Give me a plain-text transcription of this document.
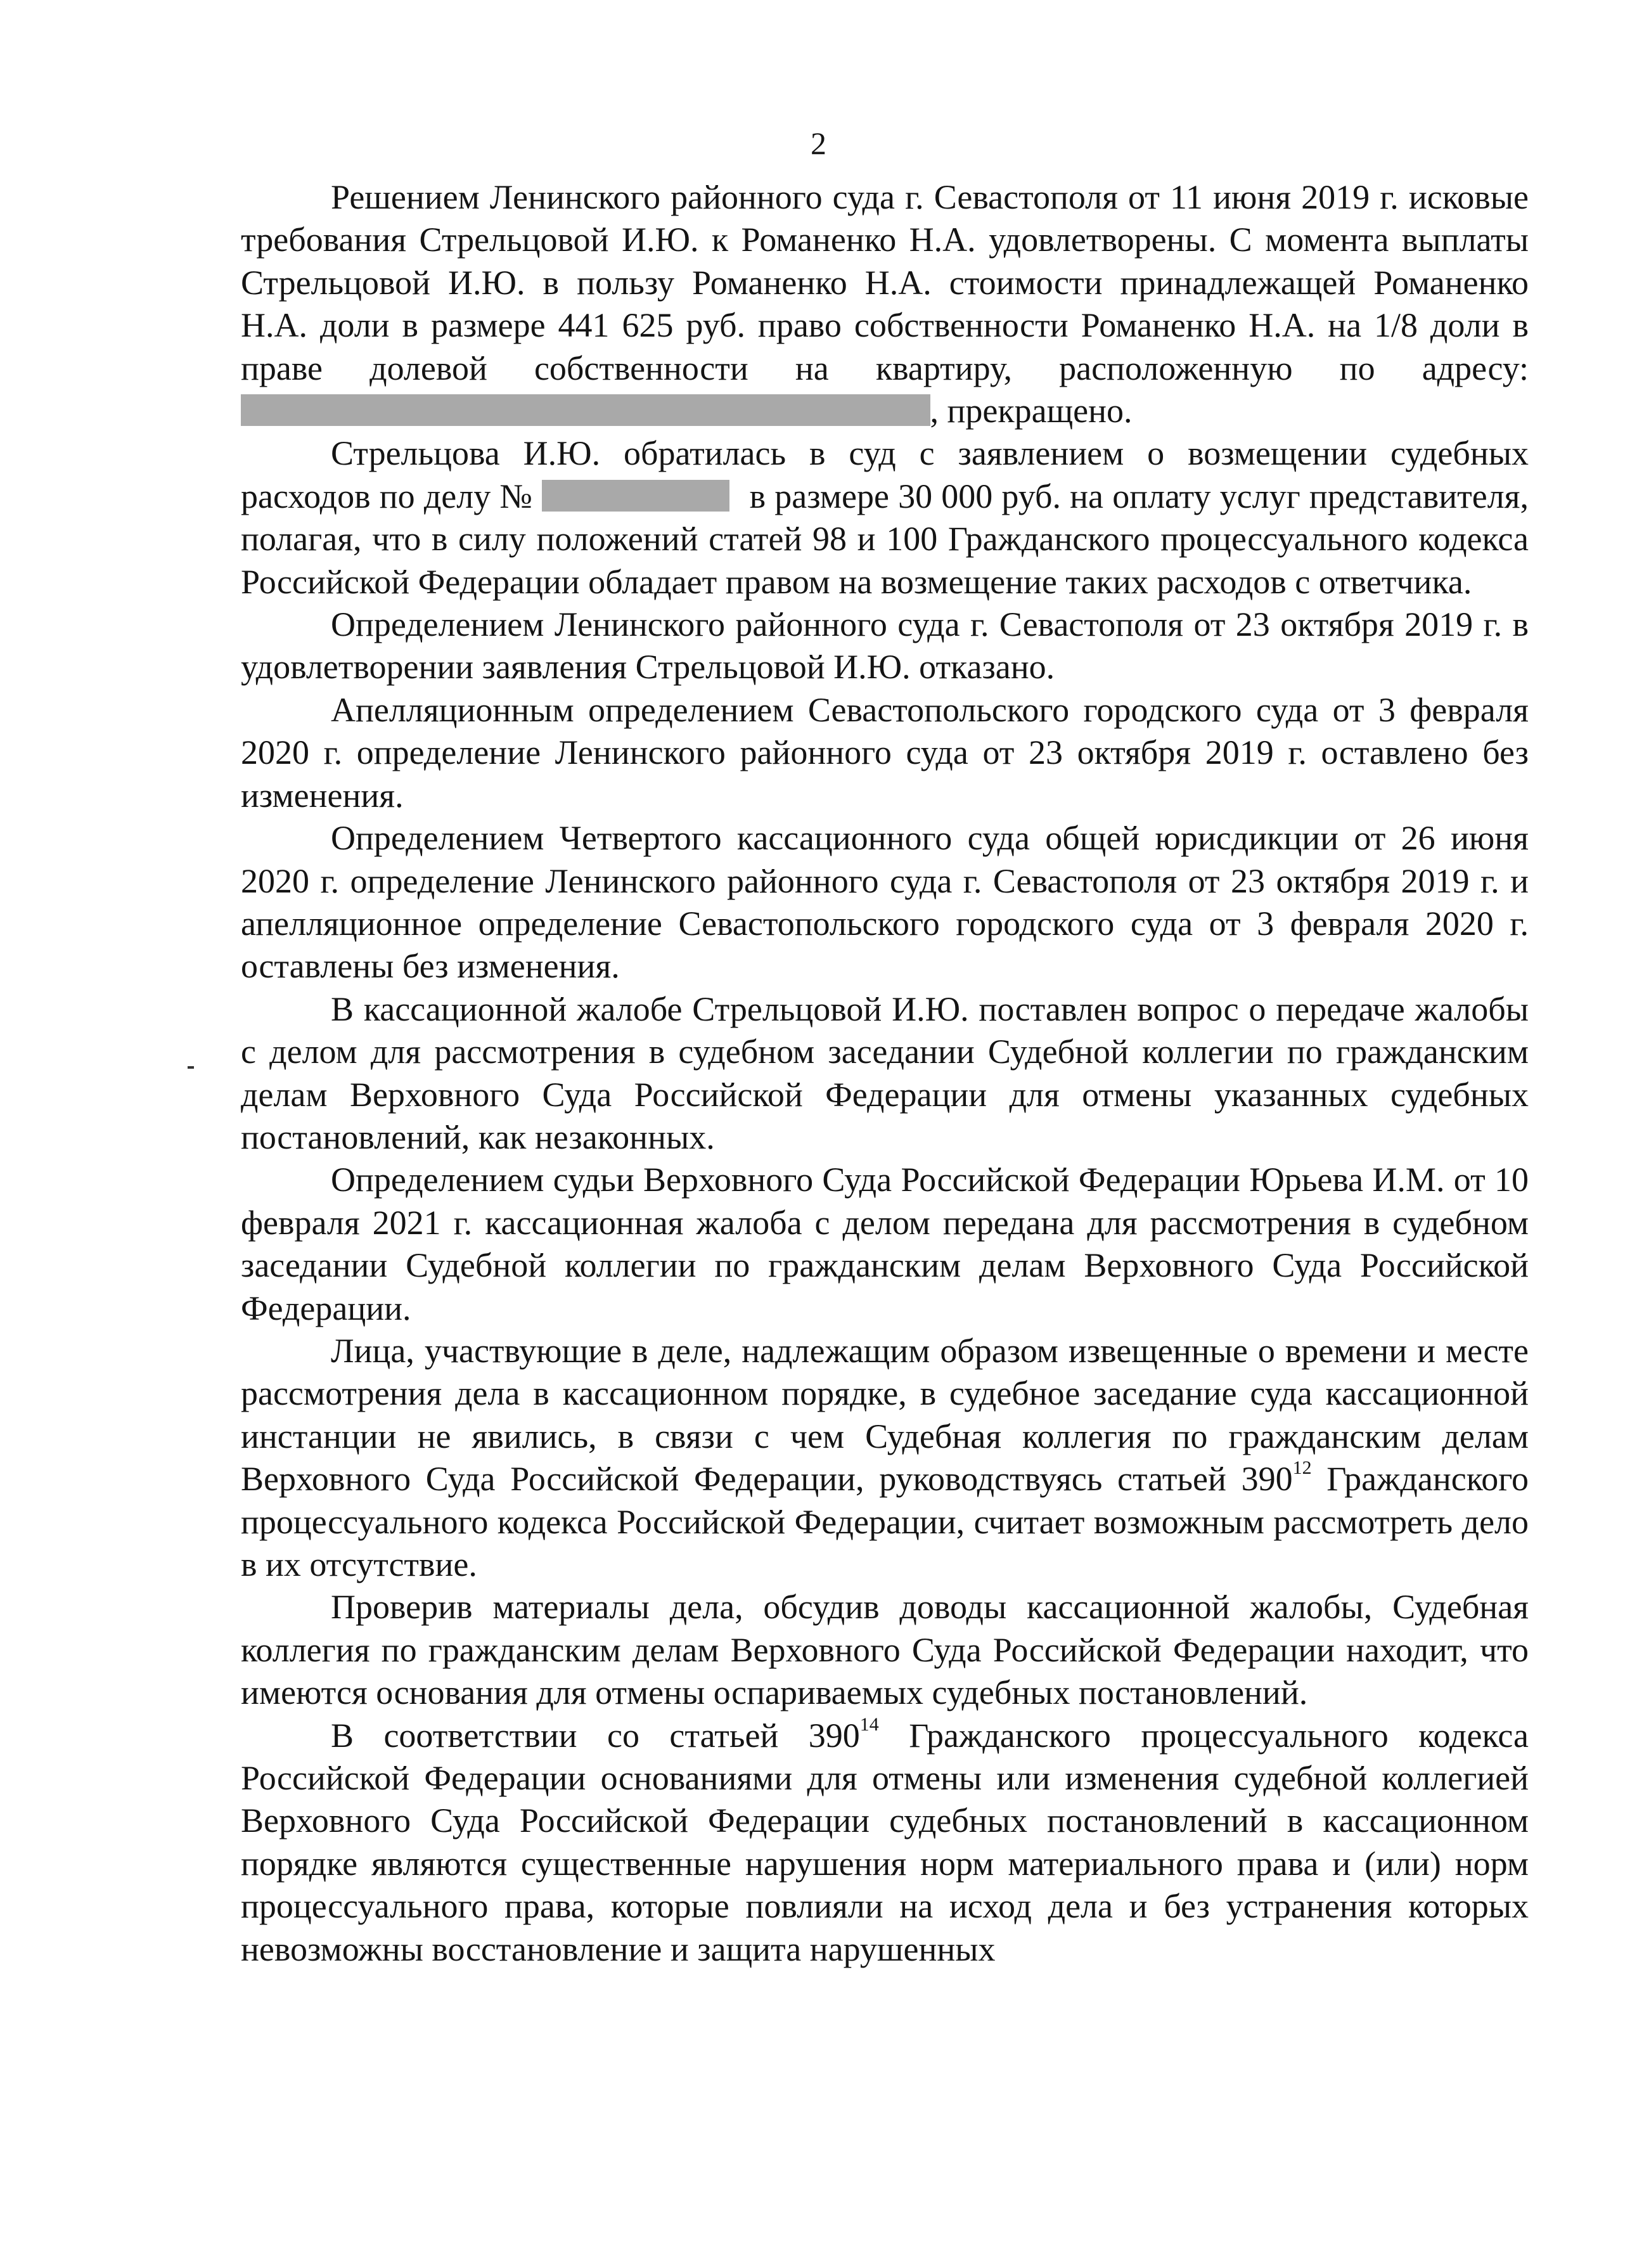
2

Решением Ленинского районного суда г. Севастополя от 11 июня 2019 г. исковые требования Стрельцовой И.Ю. к Романенко Н.А. удовлетворены. С момента выплаты Стрельцовой И.Ю. в пользу Романенко Н.А. стоимости принадлежащей Романенко Н.А. доли в размере 441 625 руб. право собственности Романенко Н.А. на 1/8 доли в праве долевой собственности на квартиру, расположенную по адресу:  , прекращено.

Стрельцова И.Ю. обратилась в суд с заявлением о возмещении судебных расходов по делу №	в размере 30 000 руб. на оплату услуг представителя, полагая, что в силу положений статей 98 и 100 Гражданского процессуального кодекса Российской Федерации обладает правом на возмещение таких расходов с ответчика.

Определением Ленинского районного суда г. Севастополя от 23 октября 2019 г. в удовлетворении заявления Стрельцовой И.Ю. отказано.

Апелляционным определением Севастопольского городского суда от 3 февраля 2020 г. определение Ленинского районного суда от 23 октября 2019 г. оставлено без изменения.

Определением Четвертого кассационного суда общей юрисдикции от 26 июня 2020 г. определение Ленинского районного суда г. Севастополя от 23 октября 2019 г. и апелляционное определение Севастопольского городского суда от 3 февраля 2020 г. оставлены без изменения.

В кассационной жалобе Стрельцовой И.Ю. поставлен вопрос о передаче жалобы с делом для рассмотрения в судебном заседании Судебной коллегии по гражданским делам Верховного Суда Российской Федерации для отмены указанных судебных постановлений, как незаконных.

Определением судьи Верховного Суда Российской Федерации Юрьева И.М. от 10 февраля 2021 г. кассационная жалоба с делом передана для рассмотрения в судебном заседании Судебной коллегии по гражданским делам Верховного Суда Российской Федерации.

Лица, участвующие в деле, надлежащим образом извещенные о времени и месте рассмотрения дела в кассационном порядке, в судебное заседание суда кассационной инстанции не явились, в связи с чем Судебная коллегия по гражданским делам Верховного Суда Российской Федерации, руководствуясь статьей $390^{12}$ Гражданского процессуального кодекса Российской Федерации, считает возможным рассмотреть дело в их отсутствие.

Проверив материалы дела, обсудив доводы кассационной жалобы, Судебная коллегия по гражданским делам Верховного Суда Российской Федерации находит, что имеются основания для отмены оспариваемых судебных постановлений.

В соответствии со статьей $390^{14}$ Гражданского процессуального кодекса Российской Федерации основаниями для отмены или изменения судебной коллегией Верховного Суда Российской Федерации судебных постановлений в кассационном порядке являются существенные нарушения норм материального права и (или) норм процессуального права, которые повлияли на исход дела и без устранения которых невозможны восстановление и защита нарушенных
